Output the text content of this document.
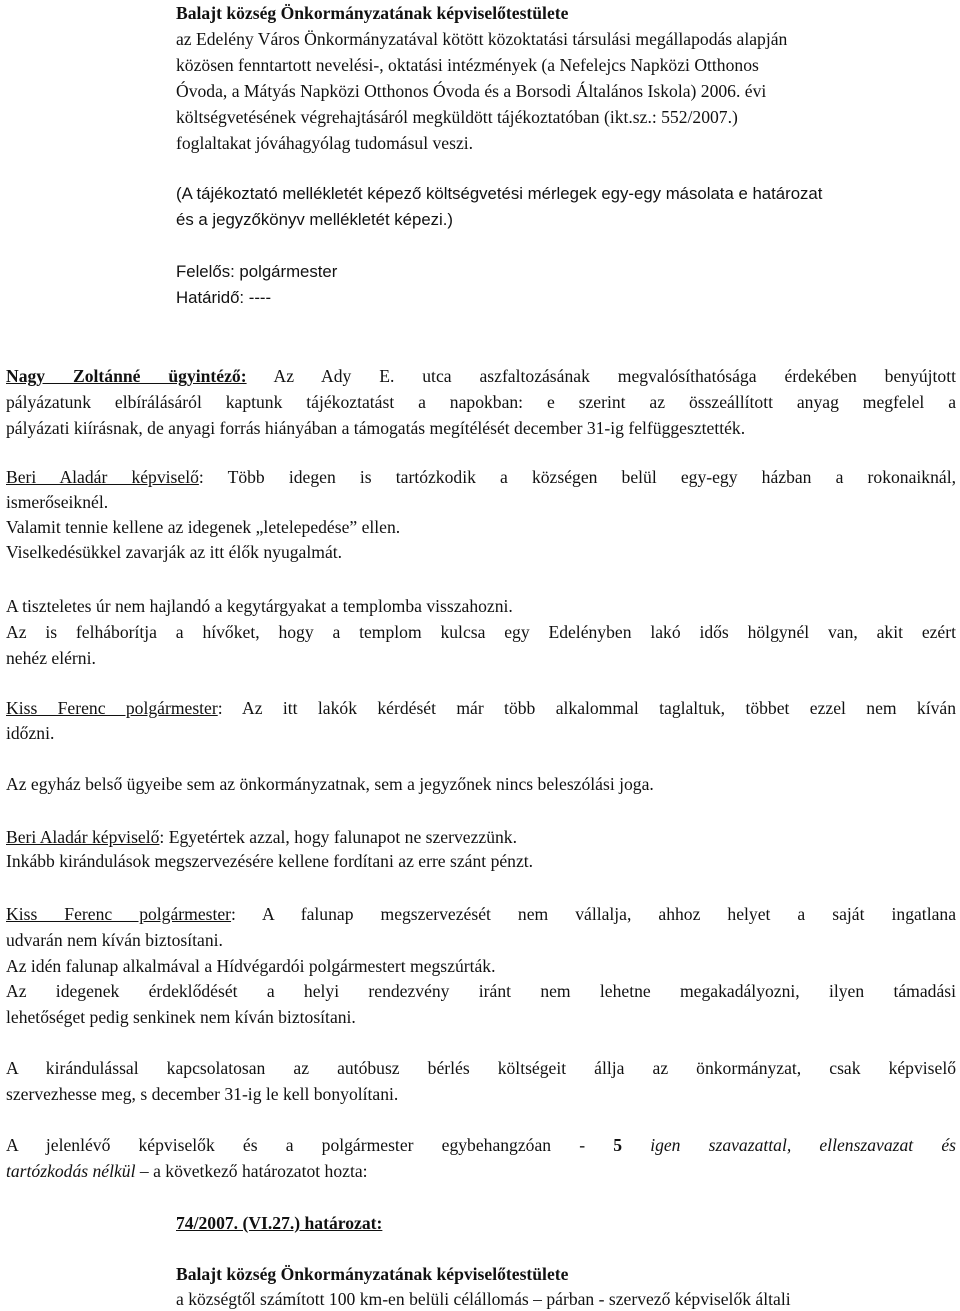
Balajt község Önkormányzatának képviselőtestülete
az Edelény Város Önkormányzatával kötött közoktatási társulási megállapodás alapján
közösen fenntartott nevelési-, oktatási intézmények (a Nefelejcs Napközi Otthonos
Óvoda, a Mátyás Napközi Otthonos Óvoda és a Borsodi Általános Iskola) 2006. évi
költségvetésének végrehajtásáról megküldött tájékoztatóban (ikt.sz.: 552/2007.)
foglaltakat jóváhagyólag tudomásul veszi.
(A tájékoztató mellékletét képező költségvetési mérlegek egy-egy másolata e határozat
és a jegyzőkönyv mellékletét képezi.)
Felelős: polgármester
Határidő: ----
Nagy Zoltánné ügyintéző: Az Ady E. utca aszfaltozásának megvalósíthatósága érdekében benyújtott
pályázatunk elbírálásáról kaptunk tájékoztatást a napokban: e szerint az összeállított anyag megfelel a
pályázati kiírásnak, de anyagi forrás hiányában a támogatás megítélését december 31-ig felfüggesztették.
Beri Aladár képviselő: Több idegen is tartózkodik a községen belül egy-egy házban a rokonaiknál,
ismerőseiknél.
Valamit tennie kellene az idegenek „letelepedése” ellen.
Viselkedésükkel zavarják az itt élők nyugalmát.
A tiszteletes úr nem hajlandó a kegytárgyakat a templomba visszahozni.
Az is felháborítja a hívőket, hogy a templom kulcsa egy Edelényben lakó idős hölgynél van, akit ezért
nehéz elérni.
Kiss Ferenc polgármester: Az itt lakók kérdését már több alkalommal taglaltuk, többet ezzel nem kíván
időzni.
Az egyház belső ügyeibe sem az önkormányzatnak, sem a jegyzőnek nincs beleszólási joga.
Beri Aladár képviselő: Egyetértek azzal, hogy falunapot ne szervezzünk.
Inkább kirándulások megszervezésére kellene fordítani az erre szánt pénzt.
Kiss Ferenc polgármester: A falunap megszervezését nem vállalja, ahhoz helyet a saját ingatlana
udvarán nem kíván biztosítani.
Az idén falunap alkalmával a Hídvégardói polgármestert megszúrták.
Az idegenek érdeklődését a helyi rendezvény iránt nem lehetne megakadályozni, ilyen támadási
lehetőséget pedig senkinek nem kíván biztosítani.
A kirándulással kapcsolatosan az autóbusz bérlés költségeit állja az önkormányzat, csak képviselő
szervezhesse meg, s december 31-ig le kell bonyolítani.
A jelenlévő képviselők és a polgármester egybehangzóan - 5 igen szavazattal, ellenszavazat és
tartózkodás nélkül – a következő határozatot hozta:
74/2007. (VI.27.) határozat:
Balajt község Önkormányzatának képviselőtestülete
a községtől számított 100 km-en belüli célállomás – párban - szervező képviselők általi
